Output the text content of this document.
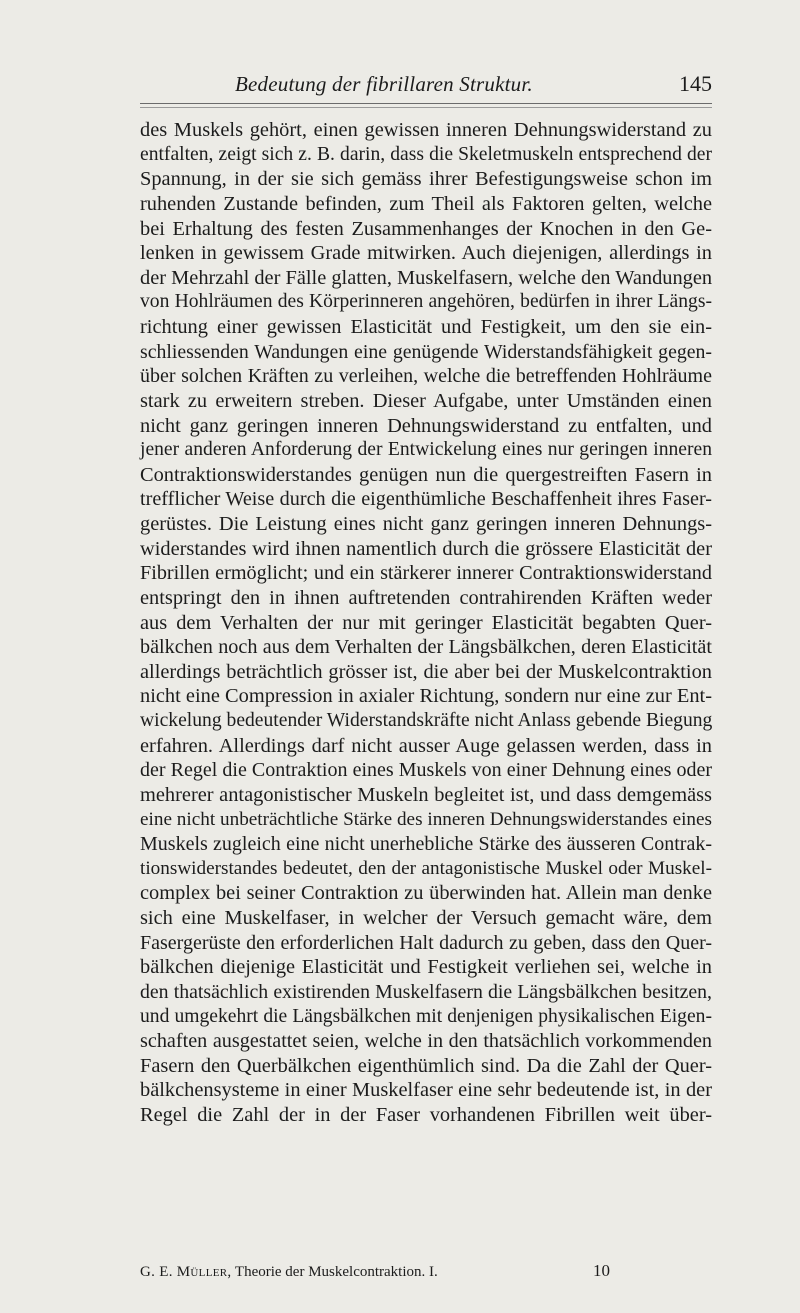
Bedeutung der fibrillaren Struktur.	145
des Muskels gehört, einen gewissen inneren Dehnungswiderstand zu
entfalten, zeigt sich z. B. darin, dass die Skeletmuskeln entsprechend der
Spannung, in der sie sich gemäss ihrer Befestigungsweise schon im
ruhenden Zustande befinden, zum Theil als Faktoren gelten, welche
bei Erhaltung des festen Zusammenhanges der Knochen in den Ge-
lenken in gewissem Grade mitwirken. Auch diejenigen, allerdings in
der Mehrzahl der Fälle glatten, Muskelfasern, welche den Wandungen
von Hohlräumen des Körperinneren angehören, bedürfen in ihrer Längs-
richtung einer gewissen Elasticität und Festigkeit, um den sie ein-
schliessenden Wandungen eine genügende Widerstandsfähigkeit gegen-
über solchen Kräften zu verleihen, welche die betreffenden Hohlräume
stark zu erweitern streben. Dieser Aufgabe, unter Umständen einen
nicht ganz geringen inneren Dehnungswiderstand zu entfalten, und
jener anderen Anforderung der Entwickelung eines nur geringen inneren
Contraktionswiderstandes genügen nun die quergestreiften Fasern in
trefflicher Weise durch die eigenthümliche Beschaffenheit ihres Faser-
gerüstes. Die Leistung eines nicht ganz geringen inneren Dehnungs-
widerstandes wird ihnen namentlich durch die grössere Elasticität der
Fibrillen ermöglicht; und ein stärkerer innerer Contraktionswiderstand
entspringt den in ihnen auftretenden contrahirenden Kräften weder
aus dem Verhalten der nur mit geringer Elasticität begabten Quer-
bälkchen noch aus dem Verhalten der Längsbälkchen, deren Elasticität
allerdings beträchtlich grösser ist, die aber bei der Muskelcontraktion
nicht eine Compression in axialer Richtung, sondern nur eine zur Ent-
wickelung bedeutender Widerstandskräfte nicht Anlass gebende Biegung
erfahren. Allerdings darf nicht ausser Auge gelassen werden, dass in
der Regel die Contraktion eines Muskels von einer Dehnung eines oder
mehrerer antagonistischer Muskeln begleitet ist, und dass demgemäss
eine nicht unbeträchtliche Stärke des inneren Dehnungswiderstandes eines
Muskels zugleich eine nicht unerhebliche Stärke des äusseren Contrak-
tionswiderstandes bedeutet, den der antagonistische Muskel oder Muskel-
complex bei seiner Contraktion zu überwinden hat. Allein man denke
sich eine Muskelfaser, in welcher der Versuch gemacht wäre, dem
Fasergerüste den erforderlichen Halt dadurch zu geben, dass den Quer-
bälkchen diejenige Elasticität und Festigkeit verliehen sei, welche in
den thatsächlich existirenden Muskelfasern die Längsbälkchen besitzen,
und umgekehrt die Längsbälkchen mit denjenigen physikalischen Eigen-
schaften ausgestattet seien, welche in den thatsächlich vorkommenden
Fasern den Querbälkchen eigenthümlich sind. Da die Zahl der Quer-
bälkchensysteme in einer Muskelfaser eine sehr bedeutende ist, in der
Regel die Zahl der in der Faser vorhandenen Fibrillen weit über-
G. E. Müller, Theorie der Muskelcontraktion. I.	10
